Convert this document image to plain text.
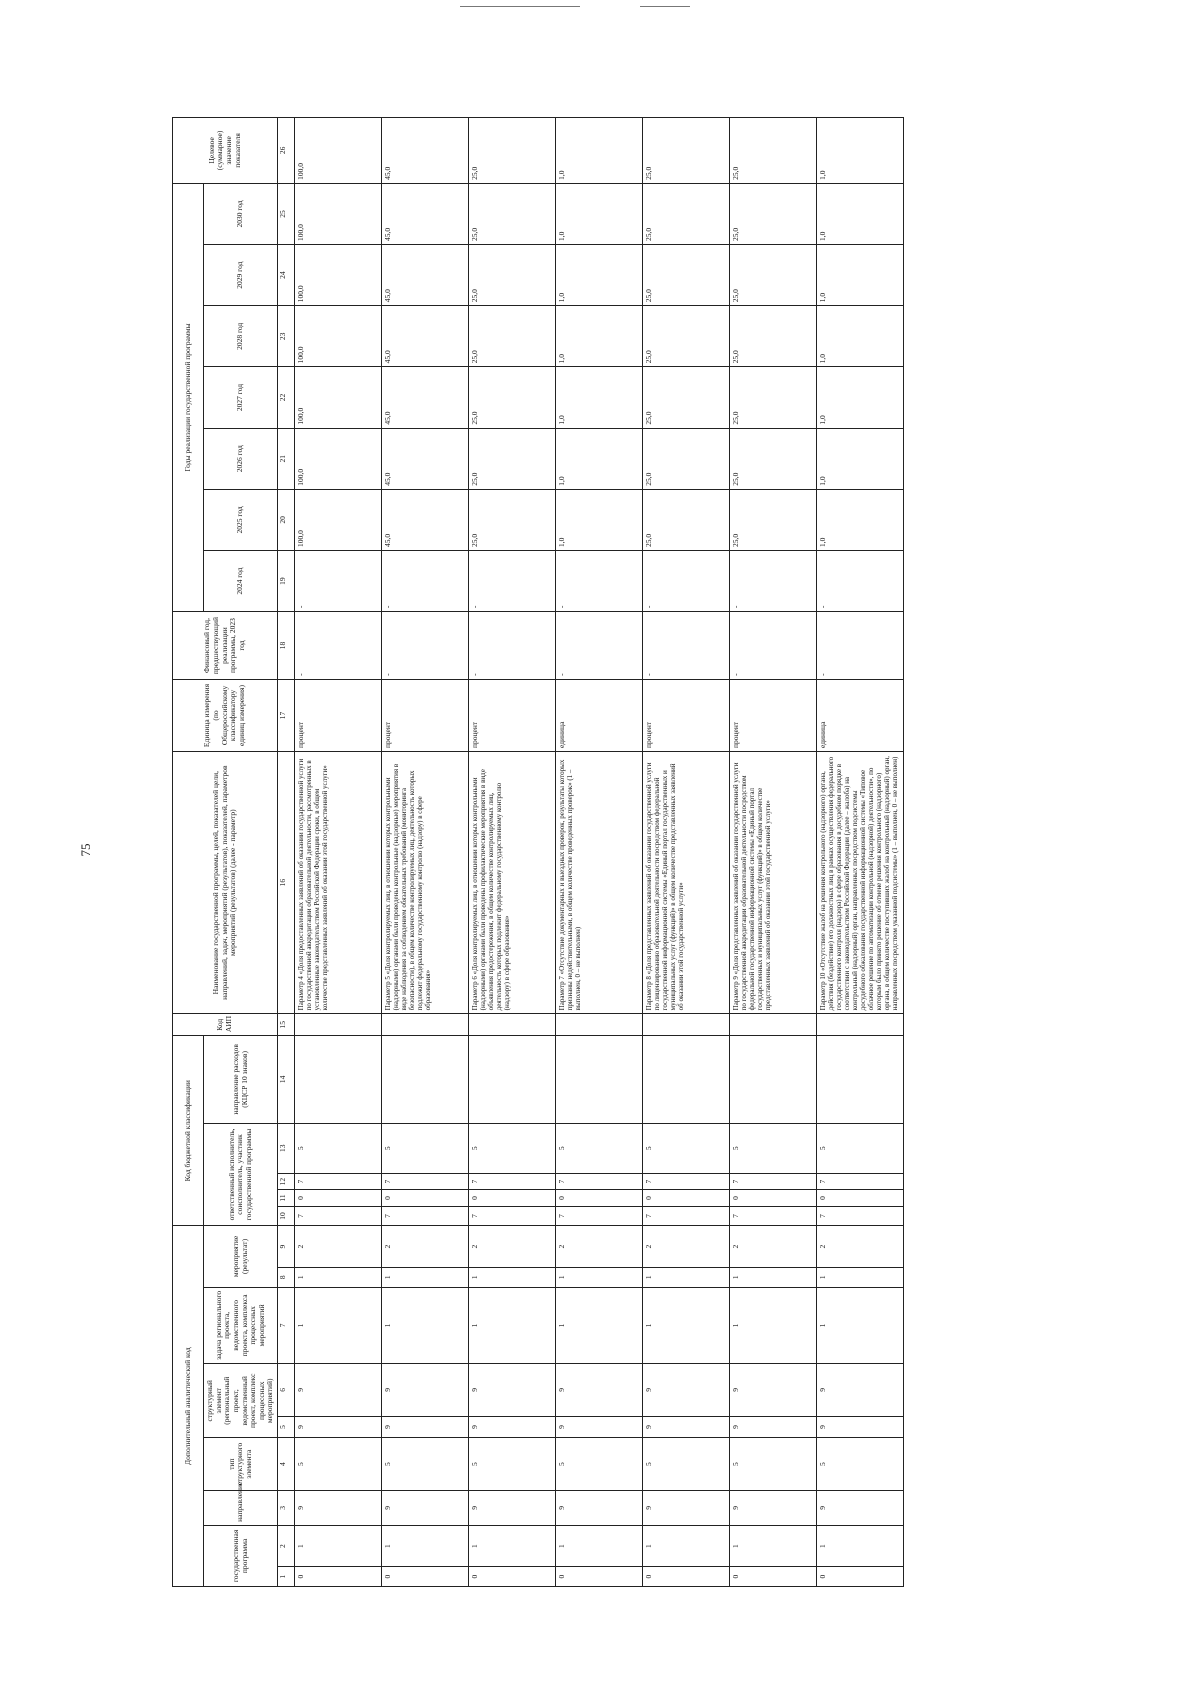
75
Дополнительный аналитический код									Код бюджетной классификации					Код АИП	Наименование государственной программы, целей, показателей цели, направлений, задач, мероприятий (результатов), показателей, параметров мероприятий (результатов) (далее - параметр)	Единица измерения (по Общероссийскому классификатору единиц измерения)	Финансовый год, предшествующий реализации программы, 2023 год	Годы реализации государственной программы							Целевое (суммарное) значение показателя
государственная программа		направление	тип структурного элемента	структурный элемент (региональный проект, ведомственный проект, комплекс процессных мероприятий)		задача регионального проекта, ведомственного проекта, комплекса процессных мероприятий	мероприятие (результат)		ответственный исполнитель, соисполнитель, участник государственной программы				направление расходов (КЦСР 10 знаков)					2024 год	2025 год	2026 год	2027 год	2028 год	2029 год	2030 год	

1	2	3	4	5	6	7	8	9	10	11	12	13	14	15	16	17	18	19	20	21	22	23	24	25	26
0	1	9	5	9	9	1	1	2	7	0	7	5			Параметр 4 «Доля предоставленных заявлений об оказании государственной услуги по государственной аккредитации образовательной деятельности, рассмотренных в установленные законодательством Российской Федерации сроки, в общем количестве представленных заявлений об оказании этой государственной услуги»	процент	-	-	100,0	100,0	100,0	100,0	100,0	100,0	100,0
0	1	9	5	9	9	1	1	2	7	0	7	5			Параметр 5 «Доля контролируемых лиц, в отношении которых контрольными (надзорными) органами были проведены контрольные (надзорные) мероприятия в виде наблюдения за соблюдением обязательных требований (мониторинга безопасности), в общем количестве контролируемых лиц, деятельность которых подлежит федеральному государственному контролю (надзору) в сфере образования»	процент	-	-	45,0	45,0	45,0	45,0	45,0	45,0	45,0
0	1	9	5	9	9	1	1	2	7	0	7	5			Параметр 6 «Доля контролируемых лиц, в отношении которых контрольными (надзорными) органами были проведены профилактические мероприятия в виде объявления предостережения, в общем количестве контролируемых лиц, деятельность которых подлежит федеральному государственному контролю (надзору) в сфере образования»	процент	-	-	25,0	25,0	25,0	25,0	25,0	25,0	25,0
0	1	9	5	9	9	1	1	2	7	0	7	5			Параметр 7 «Отсутствие документарных и выездных проверок, результаты которых признаны недействительными, в общем количестве проведенных проверок» (1 – выполнен, 0 – не выполнен)	единица	-	-	1,0	1,0	1,0	1,0	1,0	1,0	1,0
0	1	9	5	9	9	1	1	2	7	0	7	5			Параметр 8 «Доля представленных заявлений об оказании государственной услуги по лицензированию образовательной деятельности посредством федеральной государственной информационной системы «Единый портал государственных и муниципальных услуг (функций)» в общем количестве представленных заявлений об оказании этой государственной услуги»	процент	-	-	25,0	25,0	25,0	25,0	25,0	25,0	25,0
0	1	9	5	9	9	1	1	2	7	0	7	5			Параметр 9 «Доля представленных заявлений об оказании государственной услуги по государственной аккредитации образовательной деятельности посредством федеральной государственной информационной системы «Единый портал государственных и муниципальных услуг (функций)» в общем количестве представленных заявлений об оказании этой государственной услуги»	процент	-	-	25,0	25,0	25,0	25,0	25,0	25,0	25,0
0	1	9	5	9	9	1	1	2	7	0	7	5			Параметр 10 «Отсутствие жалоб на решения контрольного (надзорного) органа, действия (бездействие) его должностных лиц в рамках осуществления федерального государственного контроля (надзора) в сфере образования в досудебном порядке в соответствии с законодательством Российской Федерации (далее – жалоба) на контрольный (надзорный) орган, направленных посредством подсистемы досудебного обжалования государственной информационной системы «Типовое облачное решение по автоматизации контрольной (надзорной) деятельности», по которым было принято решение об отмене решения контрольного (надзорного) органа, в общем количестве поступивших жалоб на контрольный (надзорный) орган, направленных посредством указанной подсистемы» (1 – выполнен, 0 – не выполнен)	единица	-	-	1,0	1,0	1,0	1,0	1,0	1,0	1,0
